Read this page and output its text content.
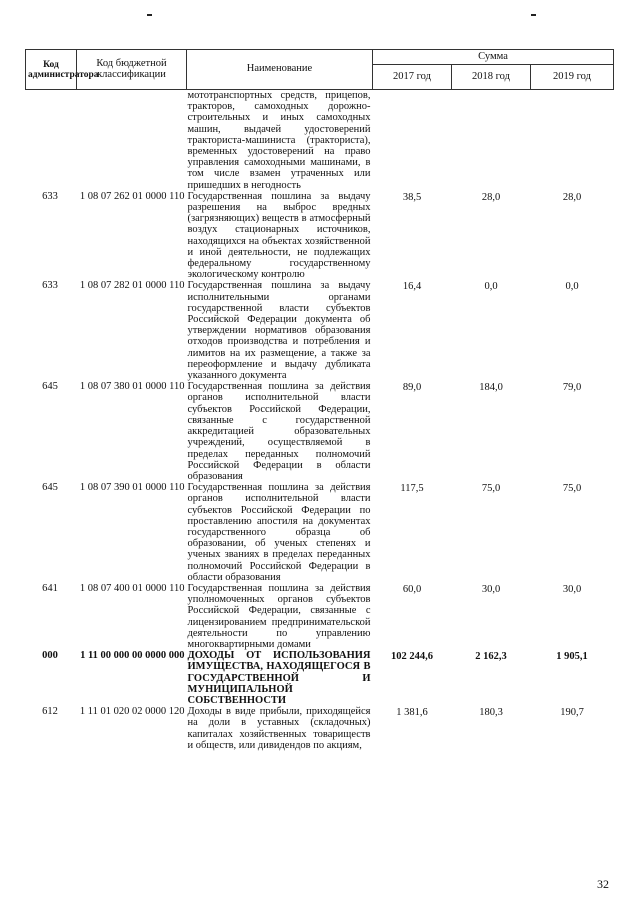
Код администратора	Код бюджетной классификации	Наименование	Сумма		
			2017 год	2018 год	2019 год
		мототранспортных средств, прицепов, тракторов, самоходных дорожно-строительных и иных самоходных машин, выдачей удостоверений тракториста-машиниста (тракториста), временных удостоверений на право управления самоходными машинами, в том числе взамен утраченных или пришедших в негодность			
633	1 08 07 262 01 0000 110	Государственная пошлина за выдачу разрешения на выброс вредных (загрязняющих) веществ в атмосферный воздух стационарных источников, находящихся на объектах хозяйственной и иной деятельности, не подлежащих федеральному государственному экологическому контролю	38,5	28,0	28,0
633	1 08 07 282 01 0000 110	Государственная пошлина за выдачу исполнительными органами государственной власти субъектов Российской Федерации документа об утверждении нормативов образования отходов производства и потребления и лимитов на их размещение, а также за переоформление и выдачу дубликата указанного документа	16,4	0,0	0,0
645	1 08 07 380 01 0000 110	Государственная пошлина за действия органов исполнительной власти субъектов Российской Федерации, связанные с государственной аккредитацией образовательных учреждений, осуществляемой в пределах переданных полномочий Российской Федерации в области образования	89,0	184,0	79,0
645	1 08 07 390 01 0000 110	Государственная пошлина за действия органов исполнительной власти субъектов Российской Федерации по проставлению апостиля на документах государственного образца об образовании, об ученых степенях и ученых званиях в пределах переданных полномочий Российской Федерации в области образования	117,5	75,0	75,0
641	1 08 07 400 01 0000 110	Государственная пошлина за действия уполномоченных органов субъектов Российской Федерации, связанные с лицензированием предпринимательской деятельности по управлению многоквартирными домами	60,0	30,0	30,0
000	1 11 00 000 00 0000 000	ДОХОДЫ ОТ ИСПОЛЬЗОВАНИЯ ИМУЩЕСТВА, НАХОДЯЩЕГОСЯ В ГОСУДАРСТВЕННОЙ И МУНИЦИПАЛЬНОЙ СОБСТВЕННОСТИ	102 244,6	2 162,3	1 905,1
612	1 11 01 020 02 0000 120	Доходы в виде прибыли, приходящейся на доли в уставных (складочных) капиталах хозяйственных товариществ и обществ, или дивидендов по акциям,	1 381,6	180,3	190,7
32
